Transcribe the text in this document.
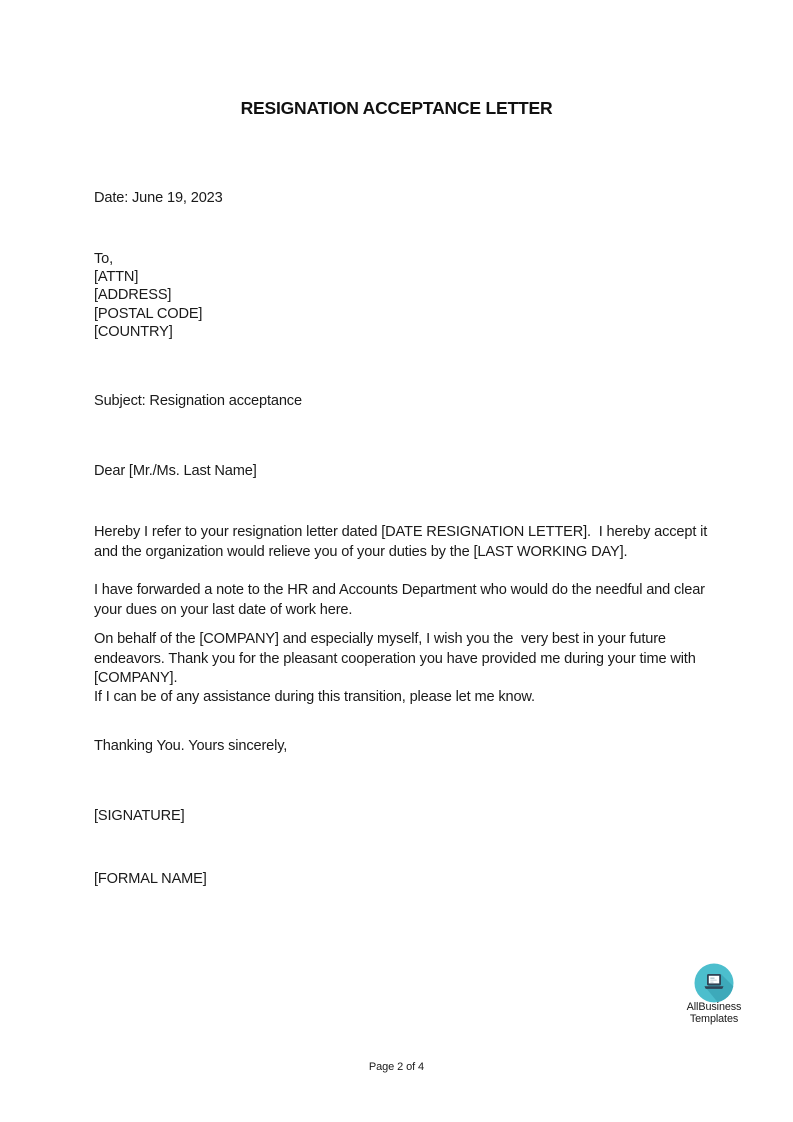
RESIGNATION ACCEPTANCE LETTER
Date: June 19, 2023
To,
[ATTN]
[ADDRESS]
[POSTAL CODE]
[COUNTRY]
Subject: Resignation acceptance
Dear [Mr./Ms. Last Name]
Hereby I refer to your resignation letter dated [DATE RESIGNATION LETTER].  I hereby accept it and the organization would relieve you of your duties by the [LAST WORKING DAY].
I have forwarded a note to the HR and Accounts Department who would do the needful and clear your dues on your last date of work here.
On behalf of the [COMPANY] and especially myself, I wish you the  very best in your future endeavors. Thank you for the pleasant cooperation you have provided me during your time with [COMPANY].
If I can be of any assistance during this transition, please let me know.
Thanking You. Yours sincerely,
[SIGNATURE]
[FORMAL NAME]
AllBusiness
Templates
Page 2 of 4
